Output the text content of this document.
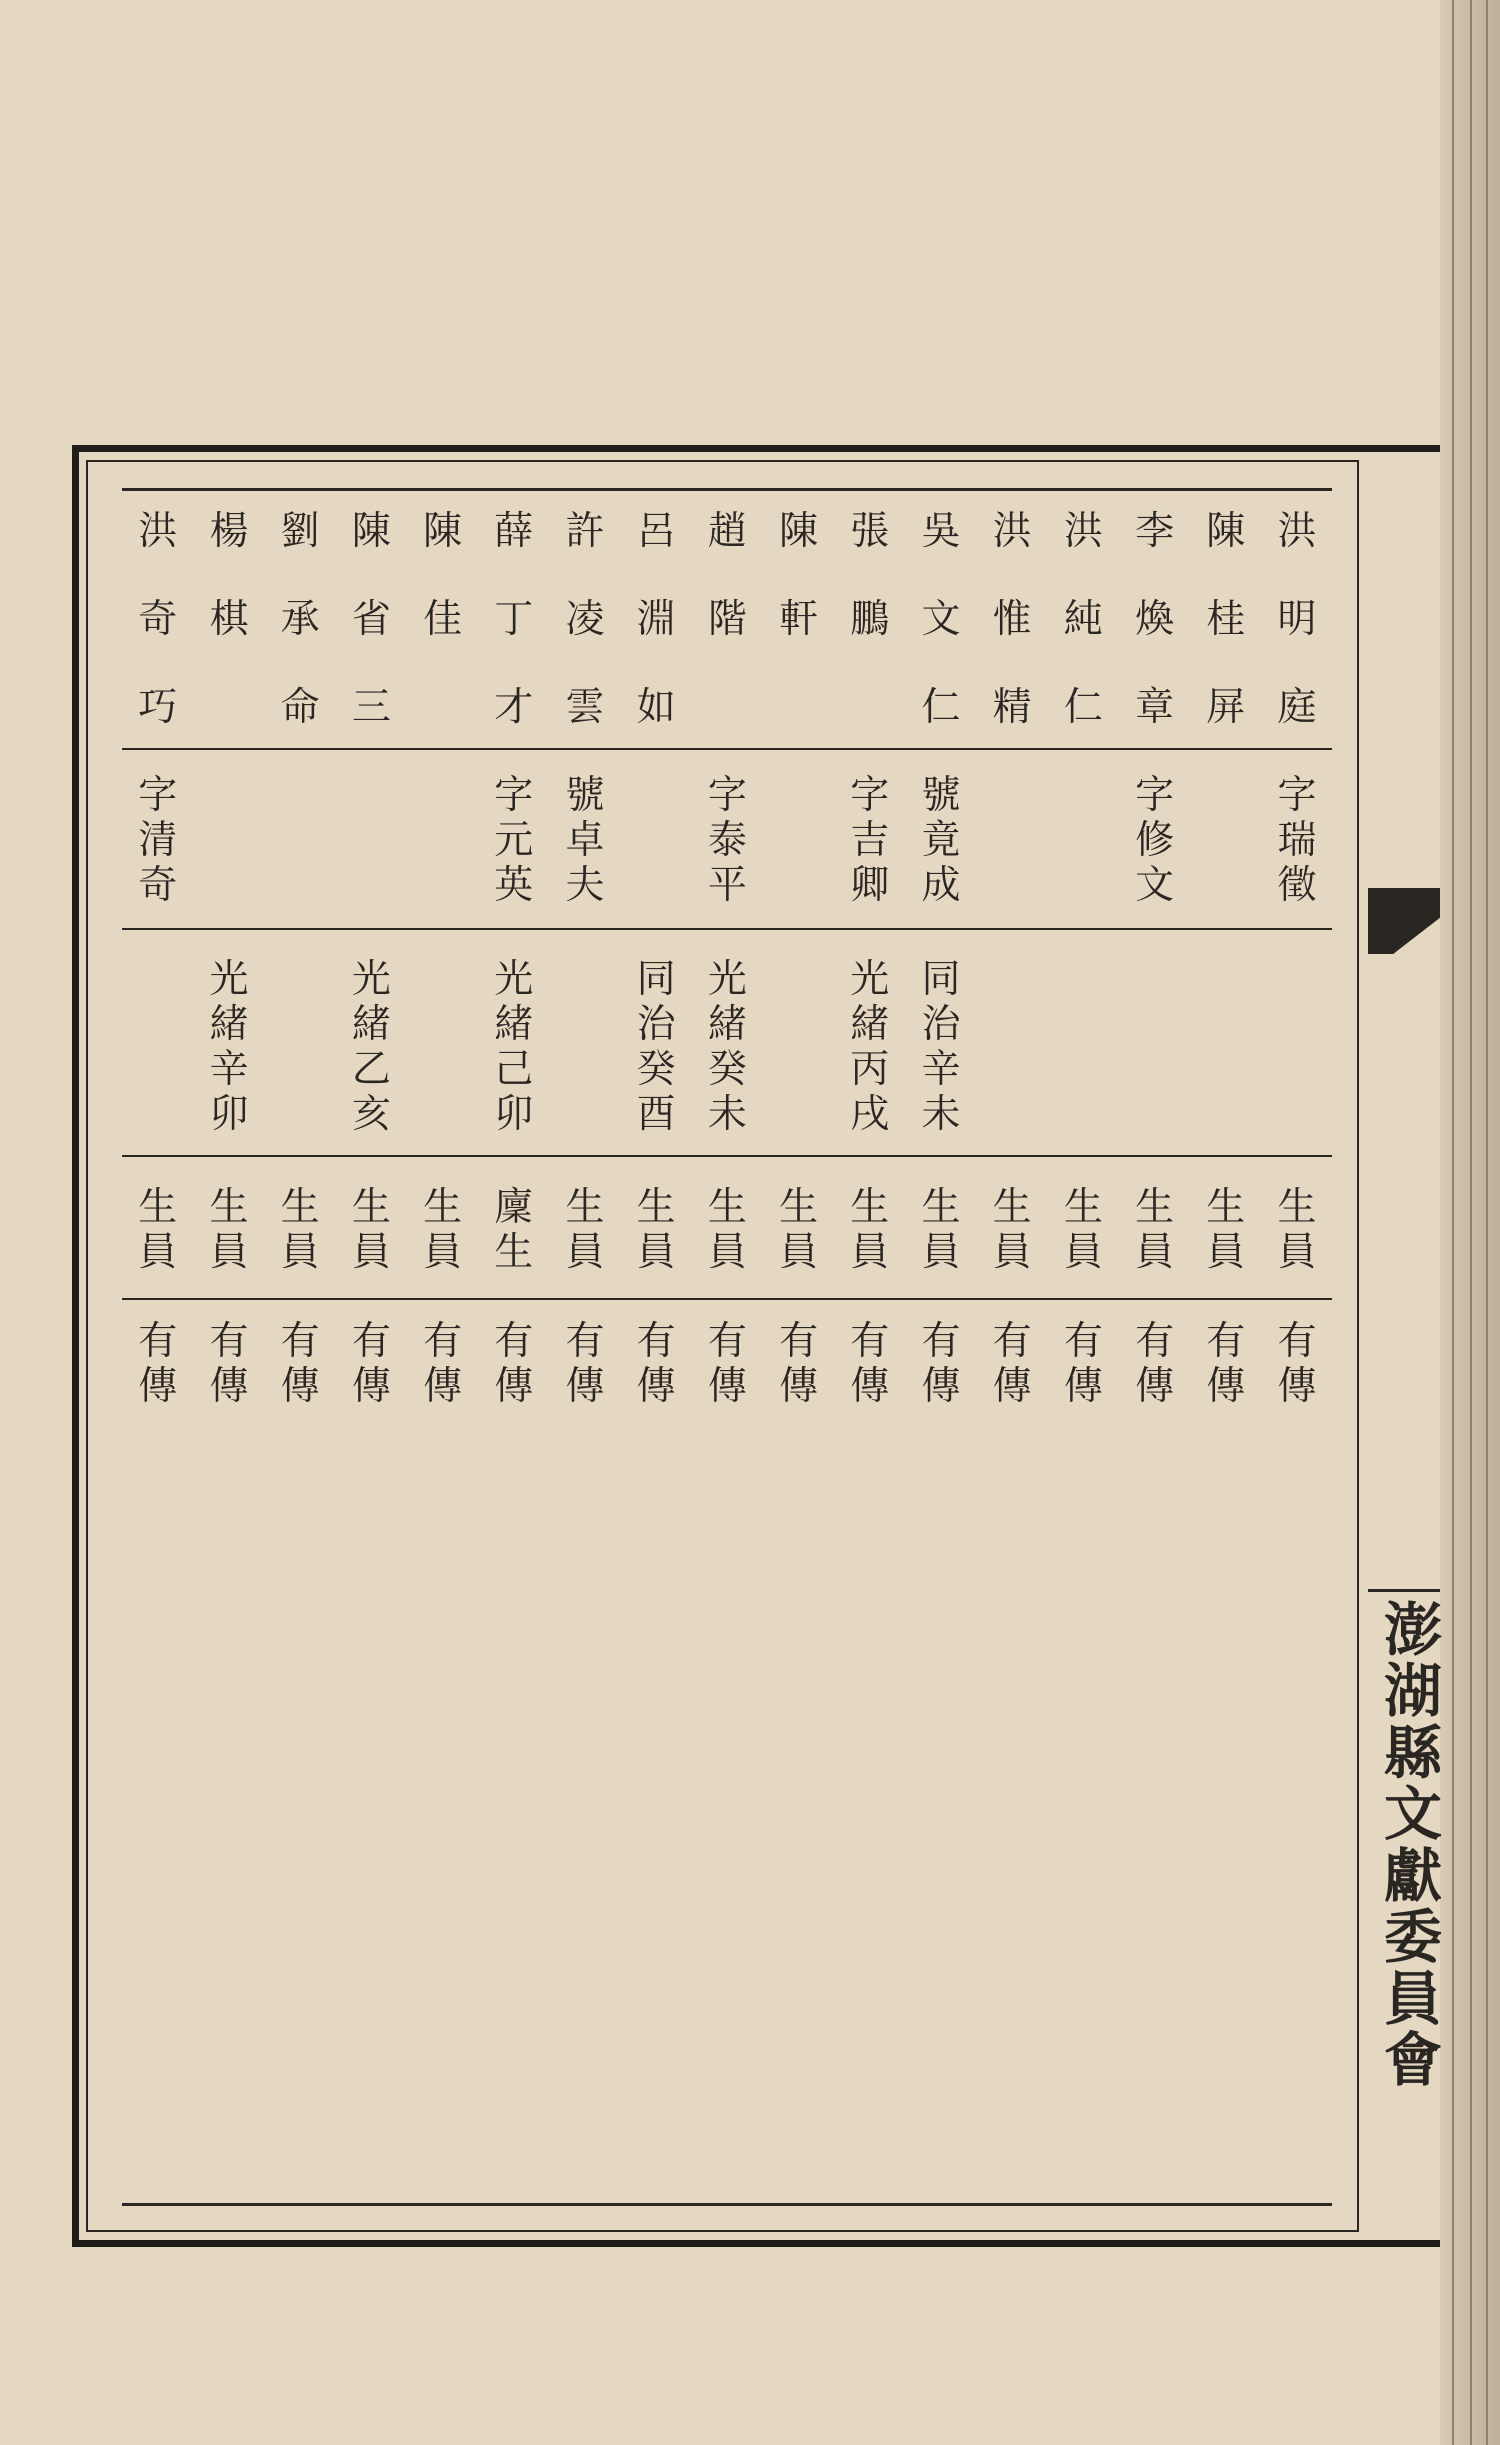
洪
明
庭
字
瑞
徵
生
員
有
傳
陳
桂
屏
生
員
有
傳
李
煥
章
字
修
文
生
員
有
傳
洪
純
仁
生
員
有
傳
洪
惟
精
生
員
有
傳
吳
文
仁
號
竟
成
同
治
辛
未
生
員
有
傳
張
鵬
字
吉
卿
光
緒
丙
戌
生
員
有
傳
陳
軒
生
員
有
傳
趙
階
字
泰
平
光
緒
癸
未
生
員
有
傳
呂
淵
如
同
治
癸
酉
生
員
有
傳
許
凌
雲
號
卓
夫
生
員
有
傳
薛
丁
才
字
元
英
光
緒
己
卯
廩
生
有
傳
陳
佳
生
員
有
傳
陳
省
三
光
緒
乙
亥
生
員
有
傳
劉
承
命
生
員
有
傳
楊
棋
光
緒
辛
卯
生
員
有
傳
洪
奇
巧
字
清
奇
生
員
有
傳
澎
湖
縣
文
獻
委
員
會
